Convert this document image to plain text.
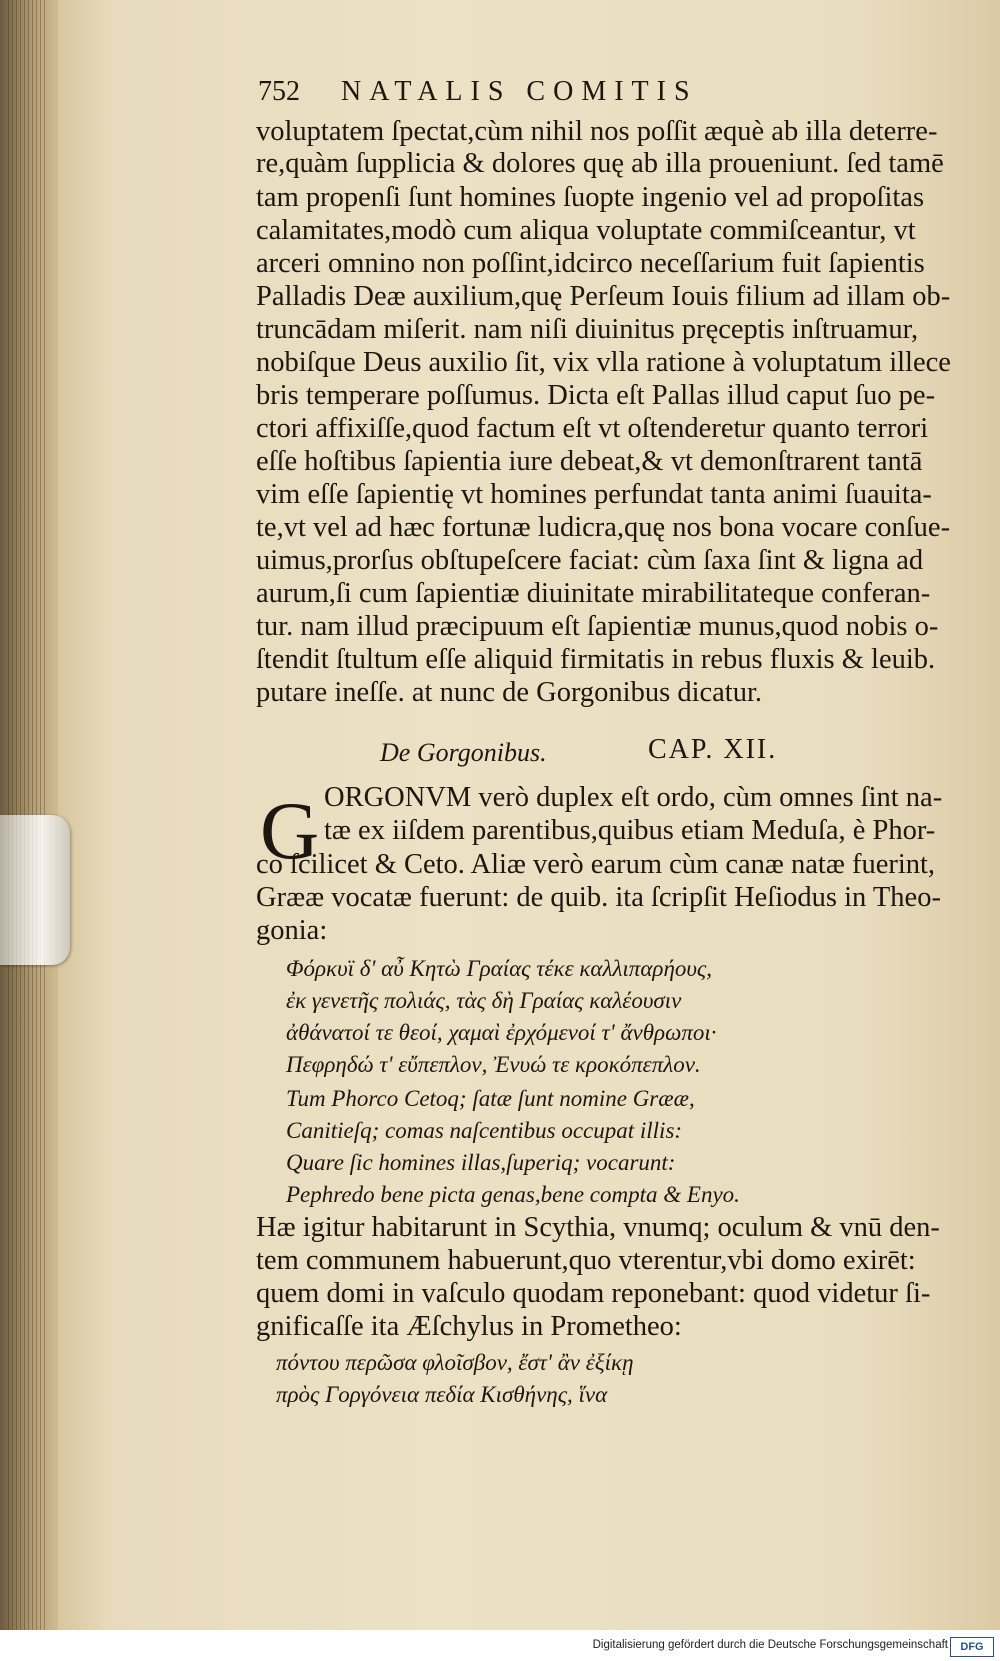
752 NATALIS COMITIS
voluptatem ſpectat,cùm nihil nos poſſit æquè ab illa deterre-
re,quàm ſupplicia & dolores quę ab illa proueniunt. ſed tamē
tam propenſi ſunt homines ſuopte ingenio vel ad propoſitas
calamitates,modò cum aliqua voluptate commiſceantur, vt
arceri omnino non poſſint,idcirco neceſſarium fuit ſapientis
Palladis Deæ auxilium,quę Perſeum Iouis filium ad illam ob-
truncādam miſerit. nam niſi diuinitus pręceptis inſtruamur,
nobiſque Deus auxilio ſit, vix vlla ratione à voluptatum illece
bris temperare poſſumus. Dicta eſt Pallas illud caput ſuo pe-
ctori affixiſſe,quod factum eſt vt oſtenderetur quanto terrori
eſſe hoſtibus ſapientia iure debeat,& vt demonſtrarent tantā
vim eſſe ſapientię vt homines perfundat tanta animi ſuauita-
te,vt vel ad hæc fortunæ ludicra,quę nos bona vocare conſue-
uimus,prorſus obſtupeſcere faciat: cùm ſaxa ſint & ligna ad
aurum,ſi cum ſapientiæ diuinitate mirabilitateque conferan-
tur. nam illud præcipuum eſt ſapientiæ munus,quod nobis o-
ſtendit ſtultum eſſe aliquid firmitatis in rebus fluxis & leuib.
putare ineſſe. at nunc de Gorgonibus dicatur.
De Gorgonibus.	CAP. XII.
G ORGONVM verò duplex eſt ordo, cùm omnes ſint na-
tæ ex iiſdem parentibus,quibus etiam Meduſa, è Phor-
co ſcilicet & Ceto. Aliæ verò earum cùm canæ natæ fuerint,
Grææ vocatæ fuerunt: de quib. ita ſcripſit Heſiodus in Theo-
gonia:
Φόρκυϊ δ' αὖ Κητὼ Γραίας τέκε καλλιπαρήους,
ἐκ γενετῆς πολιάς, τὰς δὴ Γραίας καλέουσιν
ἀθάνατοί τε θεοί, χαμαὶ ἐρχόμενοί τ' ἄνθρωποι·
Πεφρηδώ τ' εὔπεπλον, Ἐνυώ τε κροκόπεπλον.
Tum Phorco Cetoq; ſatæ ſunt nomine Grææ,
Canitieſq; comas naſcentibus occupat illis:
Quare ſic homines illas,ſuperiq; vocarunt:
Pephredo bene picta genas,bene compta & Enyo.
Hæ igitur habitarunt in Scythia, vnumq; oculum & vnū den-
tem communem habuerunt,quo vterentur,vbi domo exirēt:
quem domi in vaſculo quodam reponebant: quod videtur ſi-
gnificaſſe ita Æſchylus in Prometheo:
πόντου περῶσα φλοῖσβον, ἔστ' ἂν ἐξίκῃ
πρὸς Γοργόνεια πεδία Κισθήνης, ἵνα
Digitalisierung gefördert durch die Deutsche Forschungsgemeinschaft	DFG
